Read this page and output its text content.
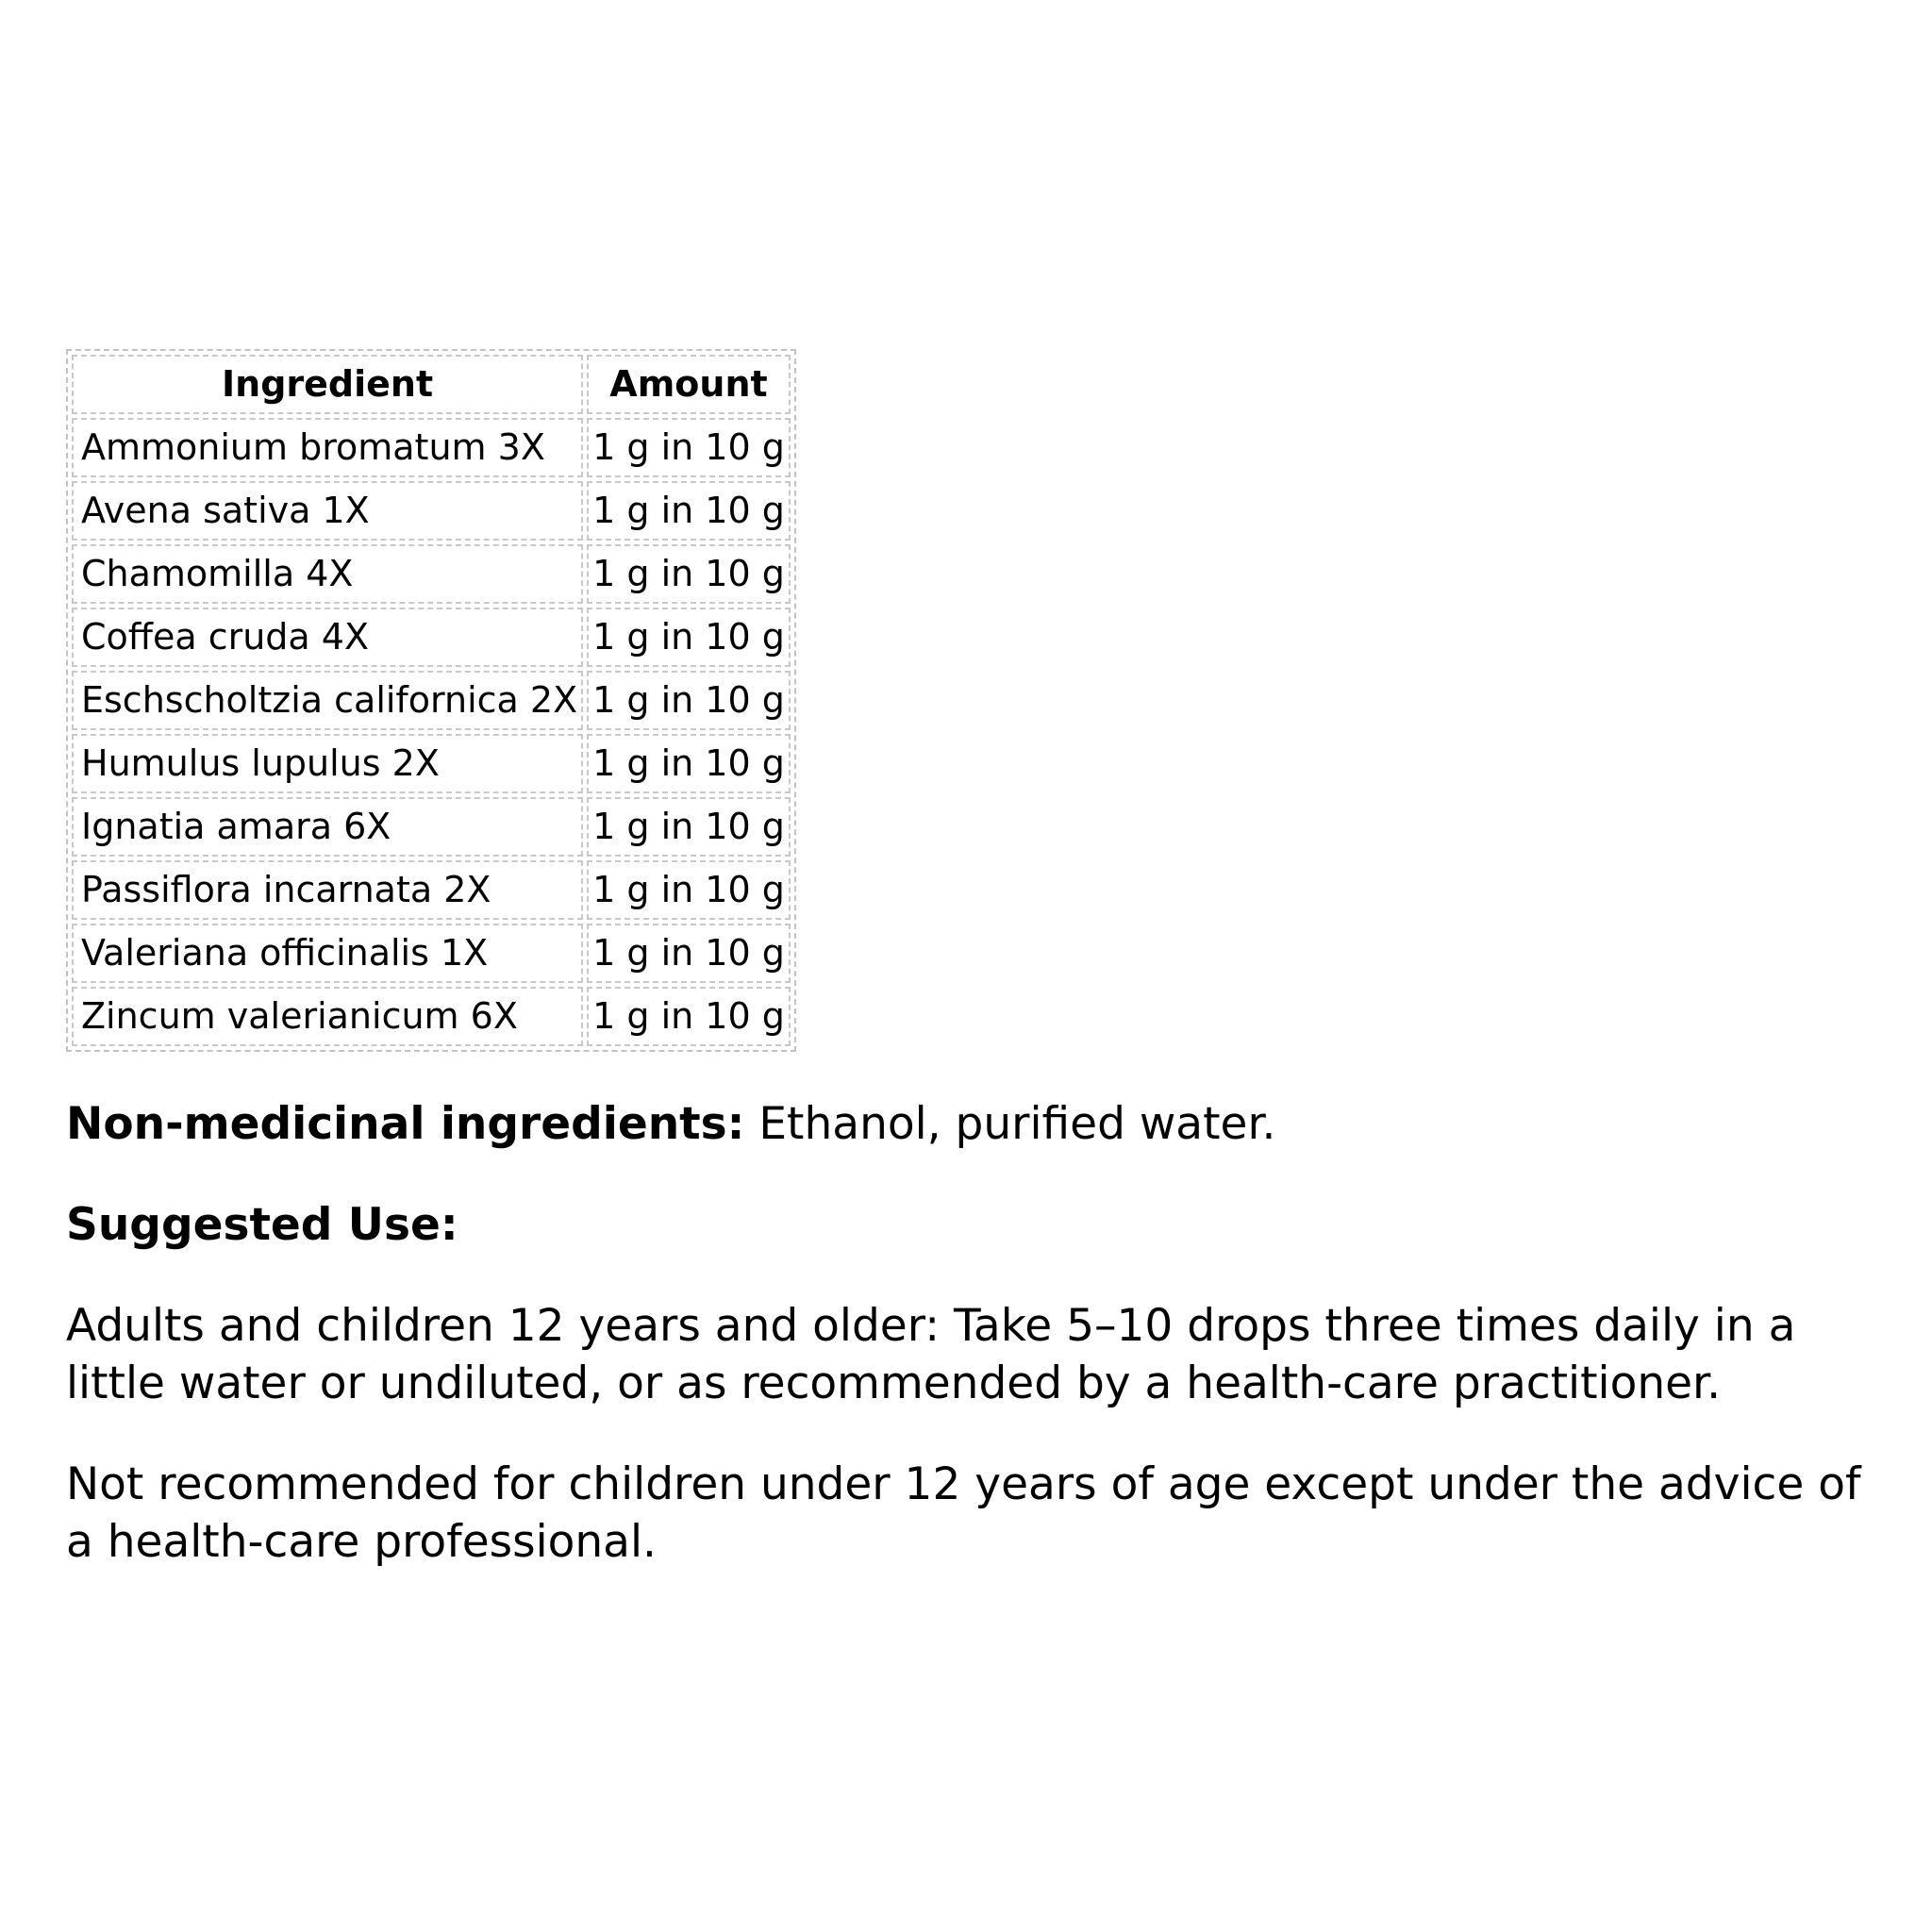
Ingredient	Amount
Ammonium bromatum 3X	1 g in 10 g
Avena sativa 1X	1 g in 10 g
Chamomilla 4X	1 g in 10 g
Coffea cruda 4X	1 g in 10 g
Eschscholtzia californica 2X	1 g in 10 g
Humulus lupulus 2X	1 g in 10 g
Ignatia amara 6X	1 g in 10 g
Passiflora incarnata 2X	1 g in 10 g
Valeriana officinalis 1X	1 g in 10 g
Zincum valerianicum 6X	1 g in 10 g

Non-medicinal ingredients: Ethanol, purified water.

Suggested Use:

Adults and children 12 years and older: Take 5–10 drops three times daily in a little water or undiluted, or as recommended by a health-care practitioner.

Not recommended for children under 12 years of age except under the advice of a health-care professional.
